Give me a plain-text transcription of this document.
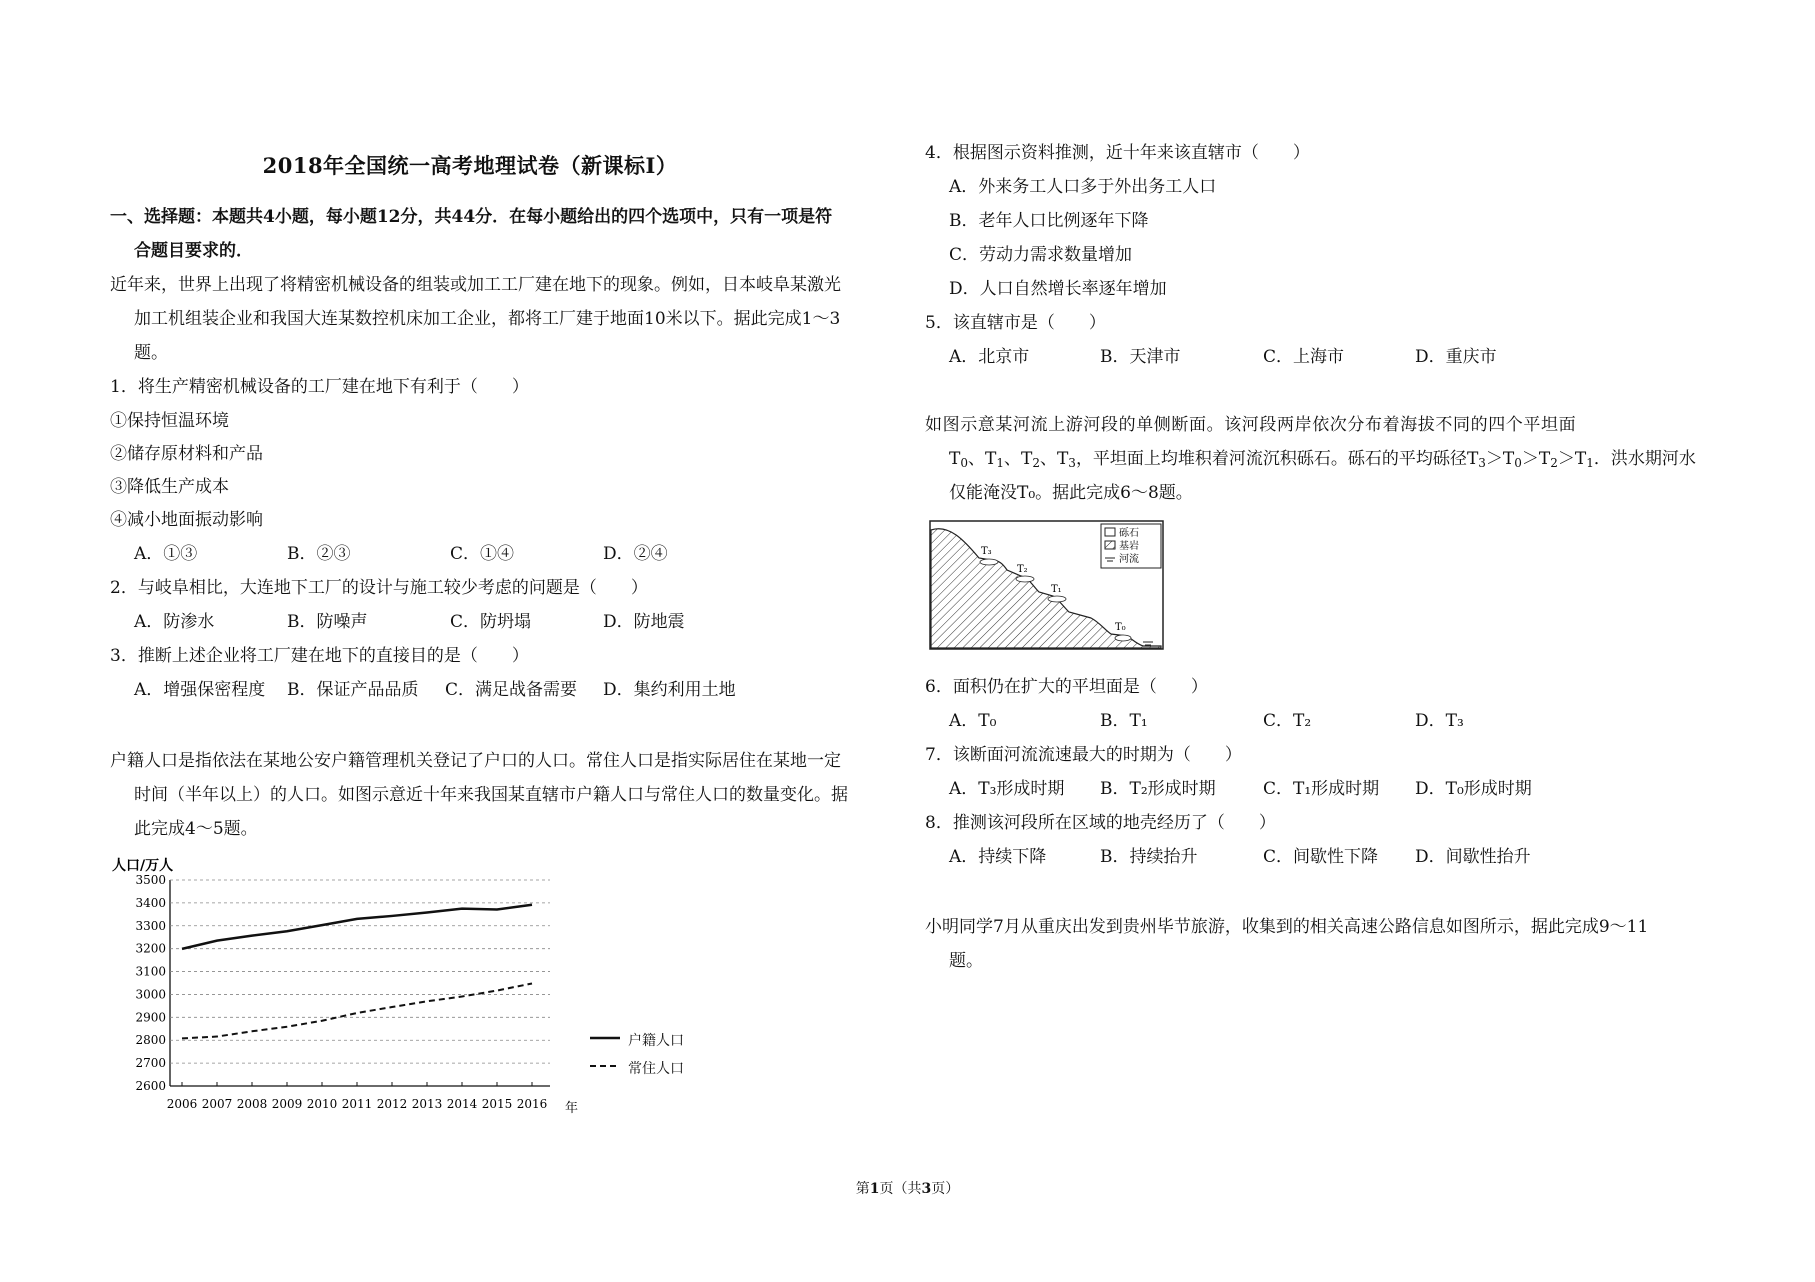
2018年全国统一高考地理试卷（新课标Ⅰ）
一、选择题：本题共4小题，每小题12分，共44分．在每小题给出的四个选项中，只有一项是符
合题目要求的．
近年来，世界上出现了将精密机械设备的组装或加工工厂建在地下的现象。例如，日本岐阜某激光
加工机组装企业和我国大连某数控机床加工企业，都将工厂建于地面10米以下。据此完成1～3
题。
1．将生产精密机械设备的工厂建在地下有利于（　　）
①保持恒温环境
②储存原材料和产品
③降低生产成本
④减小地面振动影响
A．①③	B．②③	C．①④	D．②④
2．与岐阜相比，大连地下工厂的设计与施工较少考虑的问题是（　　）
A．防渗水	B．防噪声	C．防坍塌	D．防地震
3．推断上述企业将工厂建在地下的直接目的是（　　）
A．增强保密程度 B．保证产品品质 C．满足战备需要 D．集约利用土地
户籍人口是指依法在某地公安户籍管理机关登记了户口的人口。常住人口是指实际居住在某地一定
时间（半年以上）的人口。如图示意近十年来我国某直辖市户籍人口与常住人口的数量变化。据
此完成4～5题。
人口/万人
2600
2700
2800
2900
3000
3100
3200
3300
3400
3500
2006 2007 2008 2009 2010 2011 2012 2013 2014 2015 2016 年
户籍人口
常住人口
4．根据图示资料推测，近十年来该直辖市（　　）
A．外来务工人口多于外出务工人口
B．老年人口比例逐年下降
C．劳动力需求数量增加
D．人口自然增长率逐年增加
5．该直辖市是（　　）
A．北京市	B．天津市	C．上海市	D．重庆市
如图示意某河流上游河段的单侧断面。该河段两岸依次分布着海拔不同的四个平坦面
$T_0$、$T_1$、$T_2$、$T_3$，平坦面上均堆积着河流沉积砾石。砾石的平均砾径$T_3>T_0>T_2>T_1$．洪水期河水
仅能淹没T₀。据此完成6～8题。
T₃
T₂
T₁
T₀
砾石
基岩
河流
6．面积仍在扩大的平坦面是（　　）
A．T₀	B．T₁	C．T₂	D．T₃
7．该断面河流流速最大的时期为（　　）
A．T₃形成时期 B．T₂形成时期	C．T₁形成时期 D．T₀形成时期
8．推测该河段所在区域的地壳经历了（　　）
A．持续下降	B．持续抬升	C．间歇性下降 D．间歇性抬升
小明同学7月从重庆出发到贵州毕节旅游，收集到的相关高速公路信息如图所示，据此完成9～11
题。
第1页（共3页）
